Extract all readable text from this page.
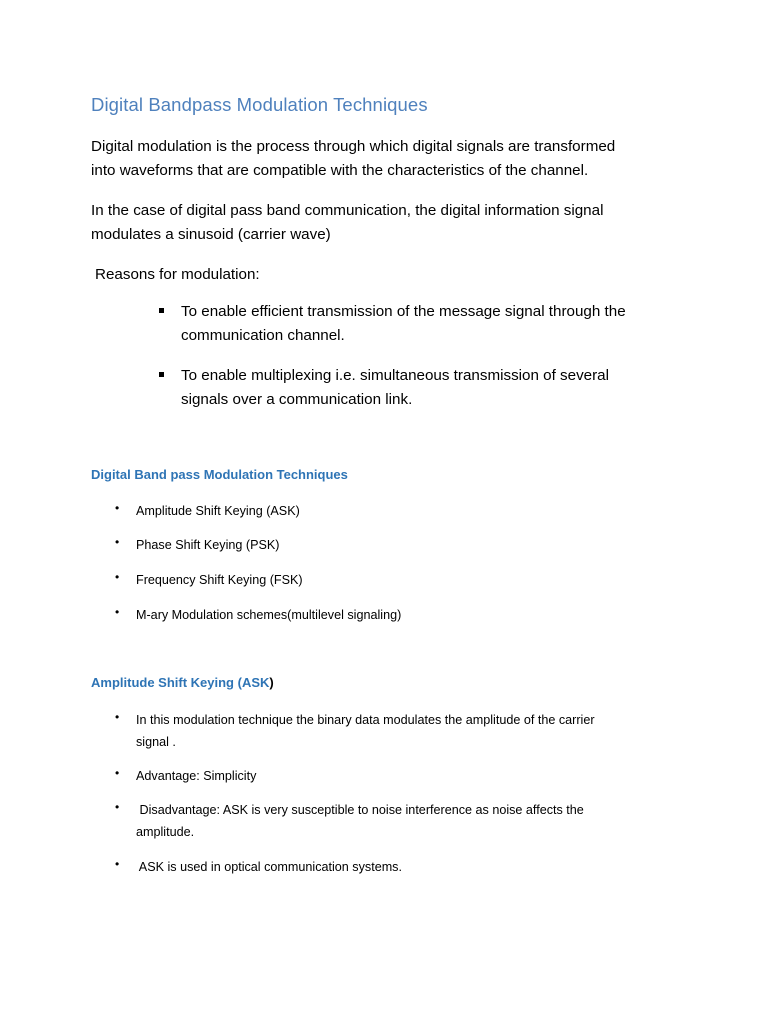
Digital Bandpass Modulation Techniques
Digital modulation is the process through which digital signals are transformed
into waveforms that are compatible with the characteristics of the channel.
In the case of digital pass band communication, the digital information signal
modulates a sinusoid (carrier wave)
Reasons for modulation:
To enable efficient transmission of the message signal through the
communication channel.
To enable multiplexing i.e. simultaneous transmission of several
signals over a communication link.
Digital Band pass Modulation Techniques
• Amplitude Shift Keying (ASK)
• Phase Shift Keying (PSK)
• Frequency Shift Keying (FSK)
• M-ary Modulation schemes(multilevel signaling)
Amplitude Shift Keying (ASK)
• In this modulation technique the binary data modulates the amplitude of the carrier
signal .
• Advantage: Simplicity
• Disadvantage: ASK is very susceptible to noise interference as noise affects the
amplitude.
• ASK is used in optical communication systems.
